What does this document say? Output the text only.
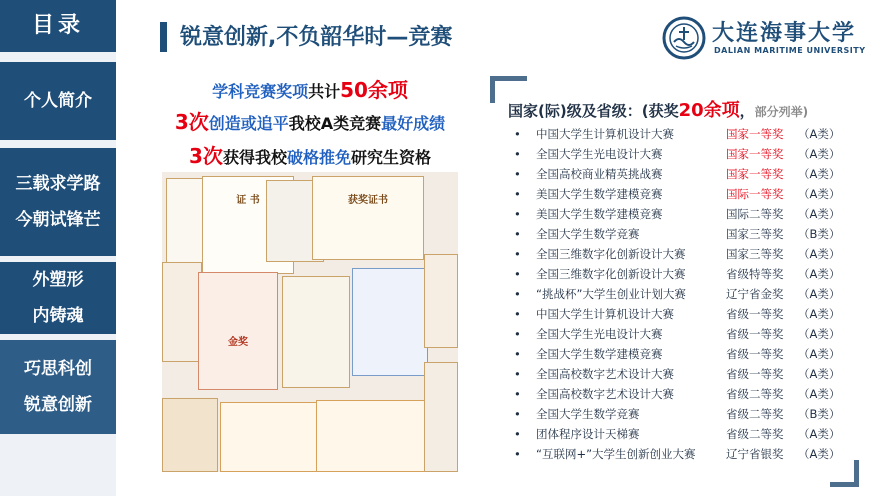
目录
个人简介
三载求学路
今朝试锋芒
外塑形
内铸魂
巧思科创
锐意创新
锐意创新,不负韶华时—竞赛	大连海事大学
DALIAN MARITIME UNIVERSITY
学科竞赛奖项共计50余项
3次创造或追平我校A类竞赛最好成绩
3次获得我校破格推免研究生资格
证 书	获奖证书
金奖
国家(际)级及省级：(获奖20余项，部分列举)
• 中国大学生计算机设计大赛	国家一等奖 （A类）
• 全国大学生光电设计大赛	国家一等奖 （A类）
• 全国高校商业精英挑战赛	国家一等奖 （A类）
• 美国大学生数学建模竞赛	国际一等奖 （A类）
• 美国大学生数学建模竞赛	国际二等奖 （A类）
• 全国大学生数学竞赛	国家三等奖 （B类）
• 全国三维数字化创新设计大赛	国家三等奖 （A类）
• 全国三维数字化创新设计大赛	省级特等奖 （A类）
• “挑战杯”大学生创业计划大赛	辽宁省金奖 （A类）
• 中国大学生计算机设计大赛	省级一等奖 （A类）
• 全国大学生光电设计大赛	省级一等奖 （A类）
• 全国大学生数学建模竞赛	省级一等奖 （A类）
• 全国高校数字艺术设计大赛	省级一等奖 （A类）
• 全国高校数字艺术设计大赛	省级二等奖 （A类）
• 全国大学生数学竞赛	省级二等奖 （B类）
• 团体程序设计天梯赛	省级二等奖 （A类）
• “互联网+”大学生创新创业大赛	辽宁省银奖 （A类）
